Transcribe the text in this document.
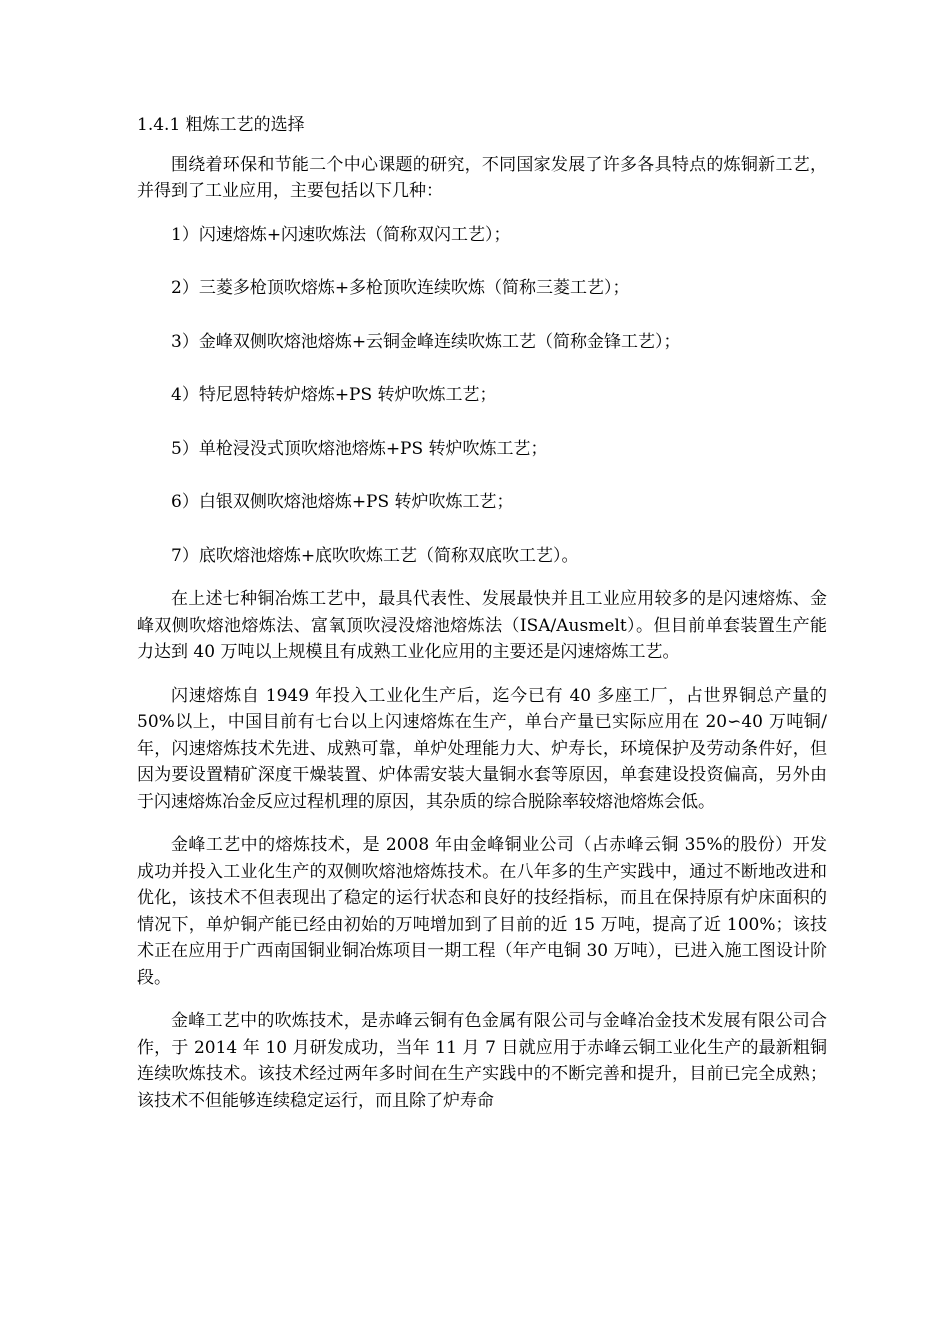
1.4.1 粗炼工艺的选择

围绕着环保和节能二个中心课题的研究，不同国家发展了许多各具特点的炼铜新工艺，并得到了工业应用，主要包括以下几种：

1）闪速熔炼+闪速吹炼法（简称双闪工艺）；
2）三菱多枪顶吹熔炼+多枪顶吹连续吹炼（简称三菱工艺）；
3）金峰双侧吹熔池熔炼+云铜金峰连续吹炼工艺（简称金锋工艺）；
4）特尼恩特转炉熔炼+PS 转炉吹炼工艺；
5）单枪浸没式顶吹熔池熔炼+PS 转炉吹炼工艺；
6）白银双侧吹熔池熔炼+PS 转炉吹炼工艺；
7）底吹熔池熔炼+底吹吹炼工艺（简称双底吹工艺）。

在上述七种铜冶炼工艺中，最具代表性、发展最快并且工业应用较多的是闪速熔炼、金峰双侧吹熔池熔炼法、富氧顶吹浸没熔池熔炼法（ISA/Ausmelt）。但目前单套装置生产能力达到 40 万吨以上规模且有成熟工业化应用的主要还是闪速熔炼工艺。

闪速熔炼自 1949 年投入工业化生产后，迄今已有 40 多座工厂，占世界铜总产量的 50%以上，中国目前有七台以上闪速熔炼在生产，单台产量已实际应用在 20∽40 万吨铜/年，闪速熔炼技术先进、成熟可靠，单炉处理能力大、炉寿长，环境保护及劳动条件好，但因为要设置精矿深度干燥装置、炉体需安装大量铜水套等原因，单套建设投资偏高，另外由于闪速熔炼冶金反应过程机理的原因，其杂质的综合脱除率较熔池熔炼会低。

金峰工艺中的熔炼技术，是 2008 年由金峰铜业公司（占赤峰云铜 35%的股份）开发成功并投入工业化生产的双侧吹熔池熔炼技术。在八年多的生产实践中，通过不断地改进和优化，该技术不但表现出了稳定的运行状态和良好的技经指标，而且在保持原有炉床面积的情况下，单炉铜产能已经由初始的万吨增加到了目前的近 15 万吨，提高了近 100%；该技术正在应用于广西南国铜业铜冶炼项目一期工程（年产电铜 30 万吨），已进入施工图设计阶段。

金峰工艺中的吹炼技术，是赤峰云铜有色金属有限公司与金峰冶金技术发展有限公司合作，于 2014 年 10 月研发成功，当年 11 月 7 日就应用于赤峰云铜工业化生产的最新粗铜连续吹炼技术。该技术经过两年多时间在生产实践中的不断完善和提升，目前已完全成熟；该技术不但能够连续稳定运行，而且除了炉寿命
